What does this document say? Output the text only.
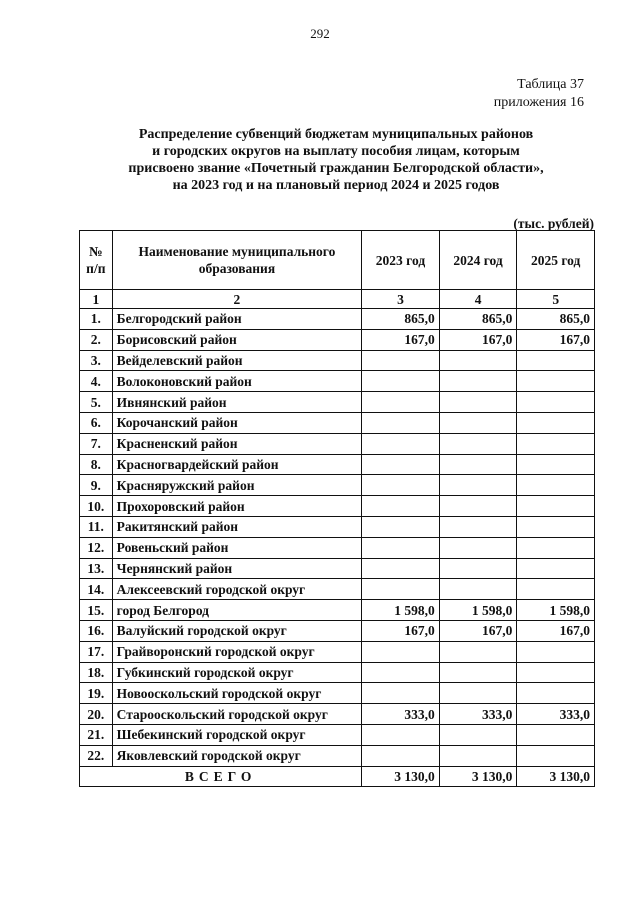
292
Таблица 37
приложения 16
Распределение субвенций бюджетам муниципальных районов
и городских округов на выплату пособия лицам, которым
присвоено звание «Почетный гражданин Белгородской области»,
на 2023 год и на плановый период 2024 и 2025 годов
(тыс. рублей)
№ п/п	Наименование муниципального образования	2023 год	2024 год	2025 год
1	2	3	4	5
1.	Белгородский район	865,0	865,0	865,0
2.	Борисовский район	167,0	167,0	167,0
3.	Вейделевский район			
4.	Волоконовский район			
5.	Ивнянский район			
6.	Корочанский район			
7.	Красненский район			
8.	Красногвардейский район			
9.	Красняружский район			
10.	Прохоровский район			
11.	Ракитянский район			
12.	Ровеньский район			
13.	Чернянский район			
14.	Алексеевский городской округ			
15.	город Белгород	1 598,0	1 598,0	1 598,0
16.	Валуйский городской округ	167,0	167,0	167,0
17.	Грайворонский городской округ			
18.	Губкинский городской округ			
19.	Новооскольский городской округ			
20.	Старооскольский городской округ	333,0	333,0	333,0
21.	Шебекинский городской округ			
22.	Яковлевский городской округ			
ВСЕГО		3 130,0	3 130,0	3 130,0
